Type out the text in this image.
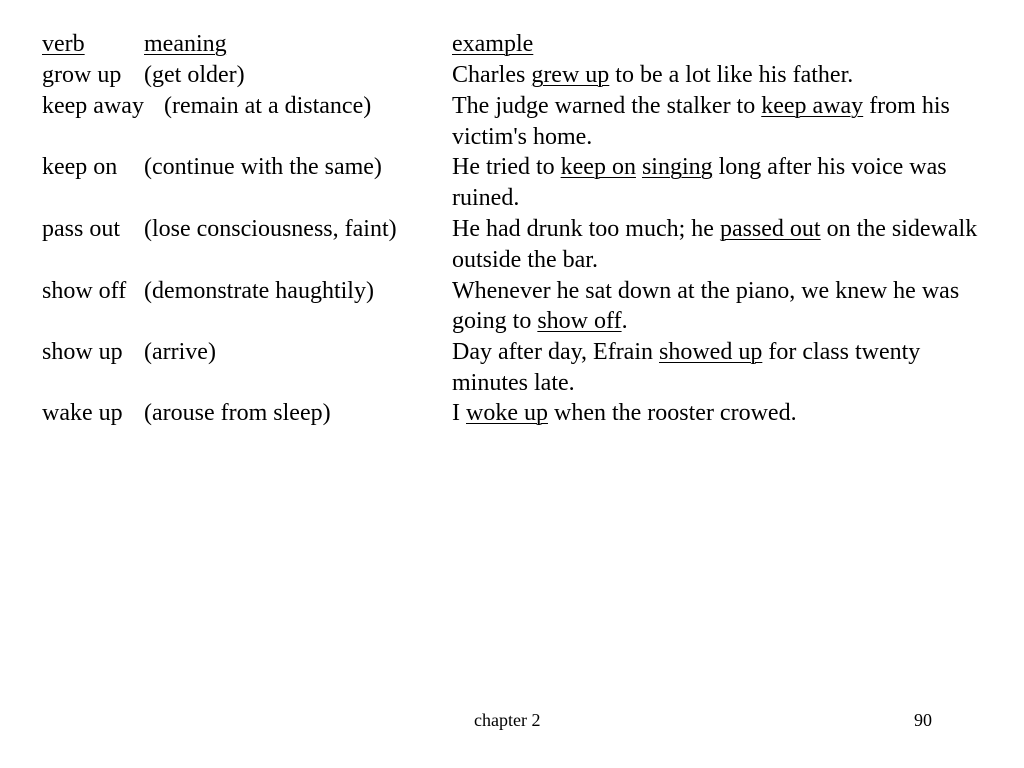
verb meaning	example
grow up (get older)	Charles grew up to be a lot like his father.
keep away (remain at a distance)	The judge warned the stalker to keep away from his
victim's home.
keep on (continue with the same)	He tried to keep on singing long after his voice was
ruined.
pass out (lose consciousness, faint) He had drunk too much; he passed out on the sidewalk
outside the bar.
show off (demonstrate haughtily)	Whenever he sat down at the piano, we knew he was
going to show off.
show up (arrive)	Day after day, Efrain showed up for class twenty
minutes late.
wake up (arouse from sleep)	I woke up when the rooster crowed.
chapter 2	90
